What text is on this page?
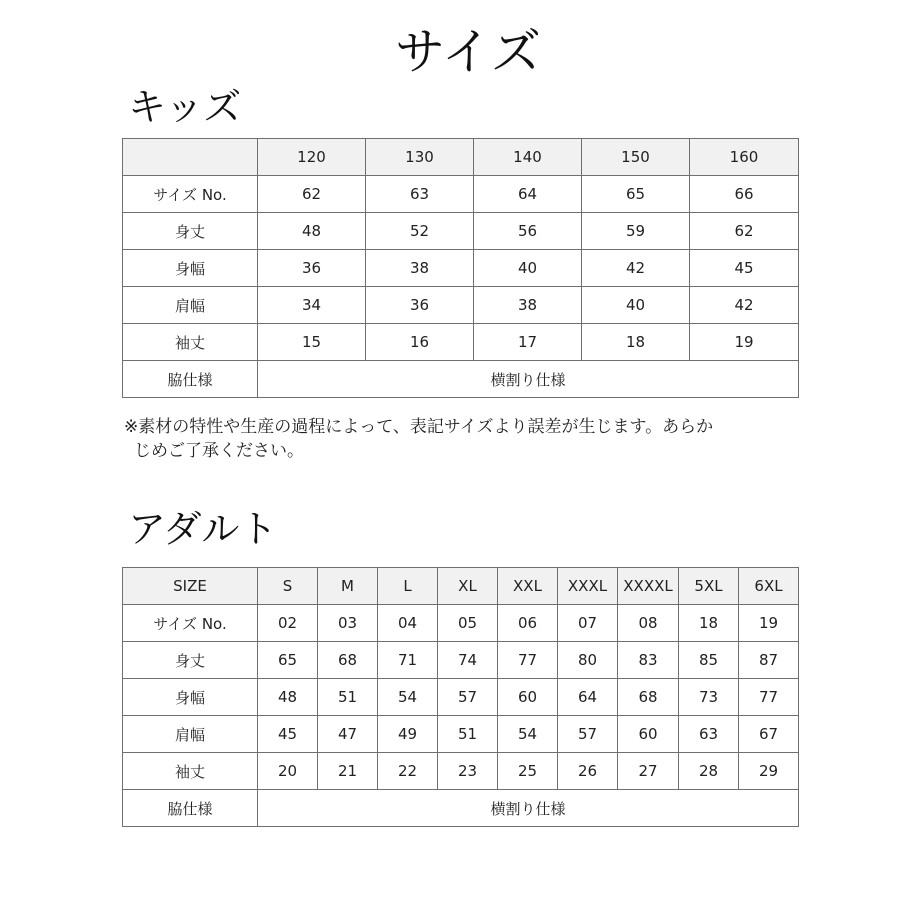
サイズ
キッズ
	120	130	140	150	160
サイズ No.	62	63	64	65	66
身丈	48	52	56	59	62
身幅	36	38	40	42	45
肩幅	34	36	38	40	42
袖丈	15	16	17	18	19
脇仕様	横割り仕様				
※素材の特性や生産の過程によって、表記サイズより誤差が生じます。あらか
じめご了承ください。
アダルト
SIZE	S	M	L	XL	XXL	XXXL	XXXXL	5XL	6XL
サイズ No.	02	03	04	05	06	07	08	18	19
身丈	65	68	71	74	77	80	83	85	87
身幅	48	51	54	57	60	64	68	73	77
肩幅	45	47	49	51	54	57	60	63	67
袖丈	20	21	22	23	25	26	27	28	29
脇仕様	横割り仕様								
